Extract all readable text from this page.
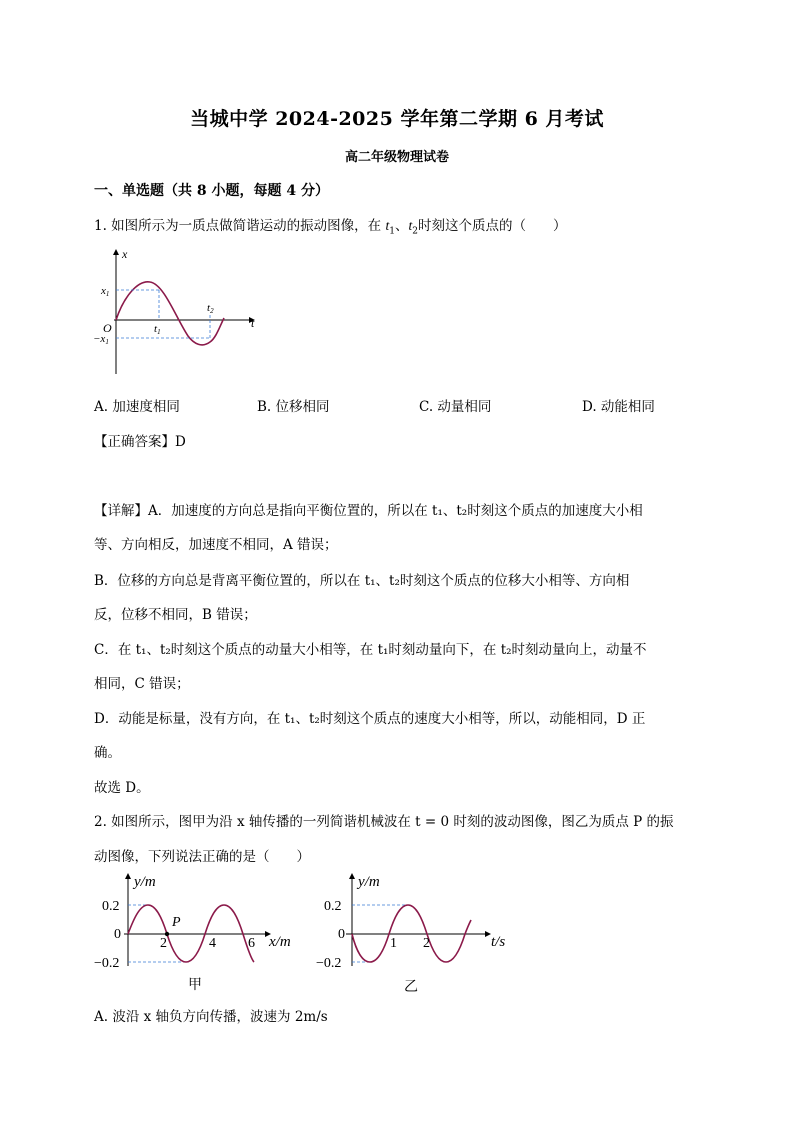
当城中学 2024-2025 学年第二学期 6 月考试
高二年级物理试卷
一、单选题（共 8 小题，每题 4 分）
1. 如图所示为一质点做简谐运动的振动图像，在 $t_1$、$t_2$时刻这个质点的（　　）
x
t
O
x1
−x1
t1
t2
A. 加速度相同	B. 位移相同	C. 动量相同	D. 动能相同
【正确答案】D
【详解】A．加速度的方向总是指向平衡位置的，所以在 t₁、t₂时刻这个质点的加速度大小相
等、方向相反，加速度不相同，A 错误；
B．位移的方向总是背离平衡位置的，所以在 t₁、t₂时刻这个质点的位移大小相等、方向相
反，位移不相同，B 错误；
C．在 t₁、t₂时刻这个质点的动量大小相等，在 t₁时刻动量向下，在 t₂时刻动量向上，动量不
相同，C 错误；
D．动能是标量，没有方向，在 t₁、t₂时刻这个质点的速度大小相等，所以，动能相同，D 正
确。
故选 D。
2. 如图所示，图甲为沿 x 轴传播的一列简谐机械波在 t = 0 时刻的波动图像，图乙为质点 P 的振
动图像，下列说法正确的是（　　）
P
y/m
x/m
0.2
0
−0.2
2	4 6
甲
y/m
t/s
0.2
0
−0.2
1 2
乙
A. 波沿 x 轴负方向传播，波速为 2m/s
